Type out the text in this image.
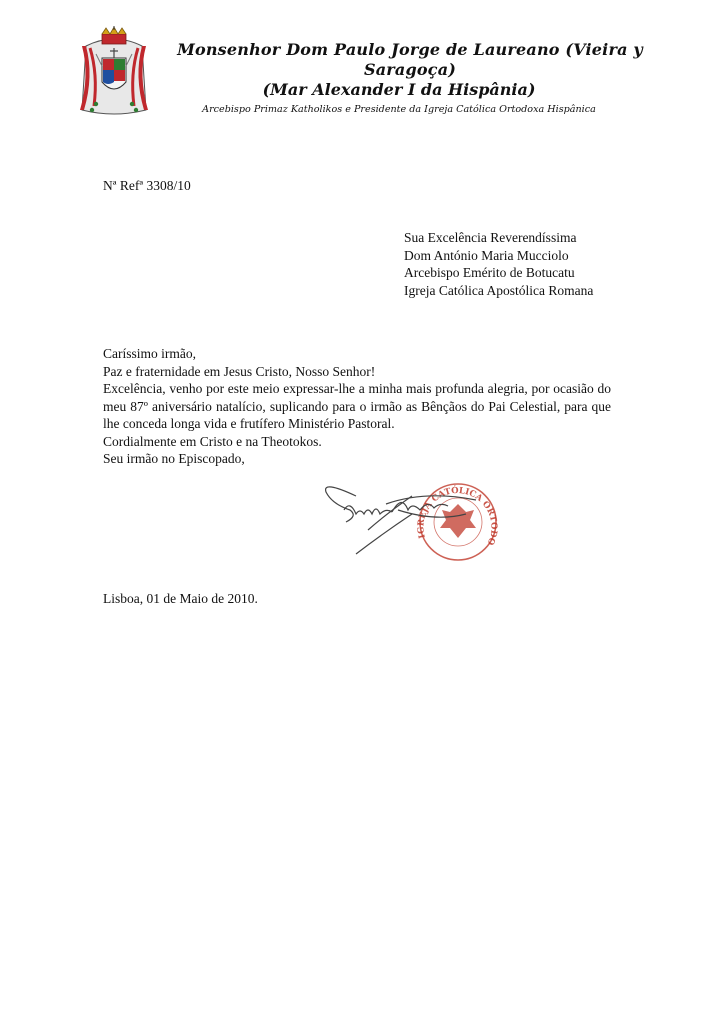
Monsenhor Dom Paulo Jorge de Laureano (Vieira y Saragoça)
(Mar Alexander I da Hispânia)
Arcebispo Primaz Katholikos e Presidente da Igreja Católica Ortodoxa Hispânica
Nª Refª 3308/10
Sua Excelência Reverendíssima
Dom António Maria Mucciolo
Arcebispo Emérito de Botucatu
Igreja Católica Apostólica Romana
Caríssimo irmão,
Paz e fraternidade em Jesus Cristo, Nosso Senhor!
Excelência, venho por este meio expressar-lhe a minha mais profunda alegria, por ocasião do meu 87º aniversário natalício, suplicando para o irmão as Bênçãos do Pai Celestial, para que lhe conceda longa vida e frutífero Ministério Pastoral.
Cordialmente em Cristo e na Theotokos.
Seu irmão no Episcopado,
IGREJA CATÓLICA ORTODO
Lisboa, 01 de Maio de 2010.
